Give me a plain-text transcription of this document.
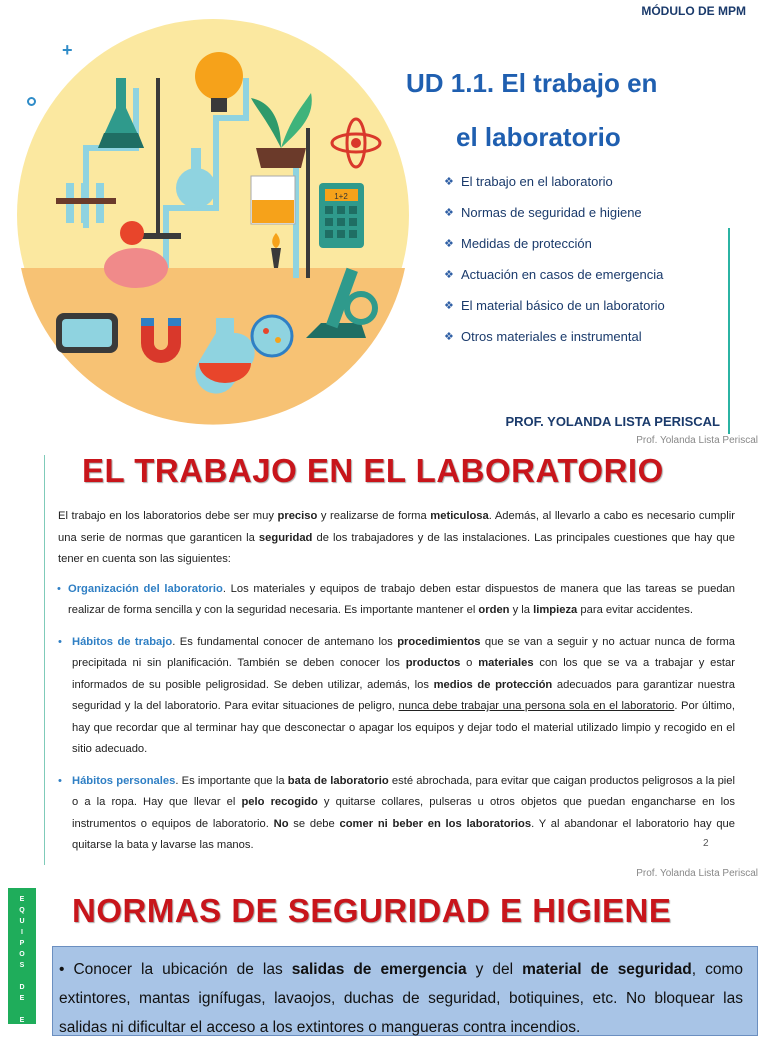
MÓDULO DE MPM
+
1+2
UD 1.1. El trabajo en
el laboratorio
❖ El trabajo en el laboratorio
❖ Normas de seguridad e higiene
❖ Medidas de protección
❖ Actuación en casos de emergencia
❖ El material básico de un laboratorio
❖ Otros materiales e instrumental
PROF. YOLANDA LISTA PERISCAL
Prof. Yolanda Lista Periscal
EL TRABAJO EN EL LABORATORIO

El trabajo en los laboratorios debe ser muy preciso y realizarse de forma meticulosa. Además, al llevarlo a cabo es necesario cumplir una serie de normas que garanticen la seguridad de los trabajadores y de las instalaciones. Las principales cuestiones que hay que tener en cuenta son las siguientes:

• Organización del laboratorio. Los materiales y equipos de trabajo deben estar dispuestos de manera que las tareas se puedan realizar de forma sencilla y con la seguridad necesaria. Es importante mantener el orden y la limpieza para evitar accidentes.
• Hábitos de trabajo. Es fundamental conocer de antemano los procedimientos que se van a seguir y no actuar nunca de forma precipitada ni sin planificación. También se deben conocer los productos o materiales con los que se va a trabajar y estar informados de su posible peligrosidad. Se deben utilizar, además, los medios de protección adecuados para garantizar nuestra seguridad y la del laboratorio. Para evitar situaciones de peligro, nunca debe trabajar una persona sola en el laboratorio. Por último, hay que recordar que al terminar hay que desconectar o apagar los equipos y dejar todo el material utilizado limpio y recogido en el sitio adecuado.
• Hábitos personales. Es importante que la bata de laboratorio esté abrochada, para evitar que caigan productos peligrosos a la piel o a la ropa. Hay que llevar el pelo recogido y quitarse collares, pulseras u otros objetos que puedan engancharse en los instrumentos o equipos de laboratorio. No se debe comer ni beber en los laboratorios. Y al abandonar el laboratorio hay que quitarse la bata y lavarse las manos.	2
Prof. Yolanda Lista Periscal
E
Q
U
I
P
O
S
D
E
E
M
E
NORMAS DE SEGURIDAD E HIGIENE
• Conocer la ubicación de las salidas de emergencia y del material de seguridad, como extintores, mantas ignífugas, lavaojos, duchas de seguridad, botiquines, etc. No bloquear las salidas ni dificultar el acceso a los extintores o mangueras contra incendios.
